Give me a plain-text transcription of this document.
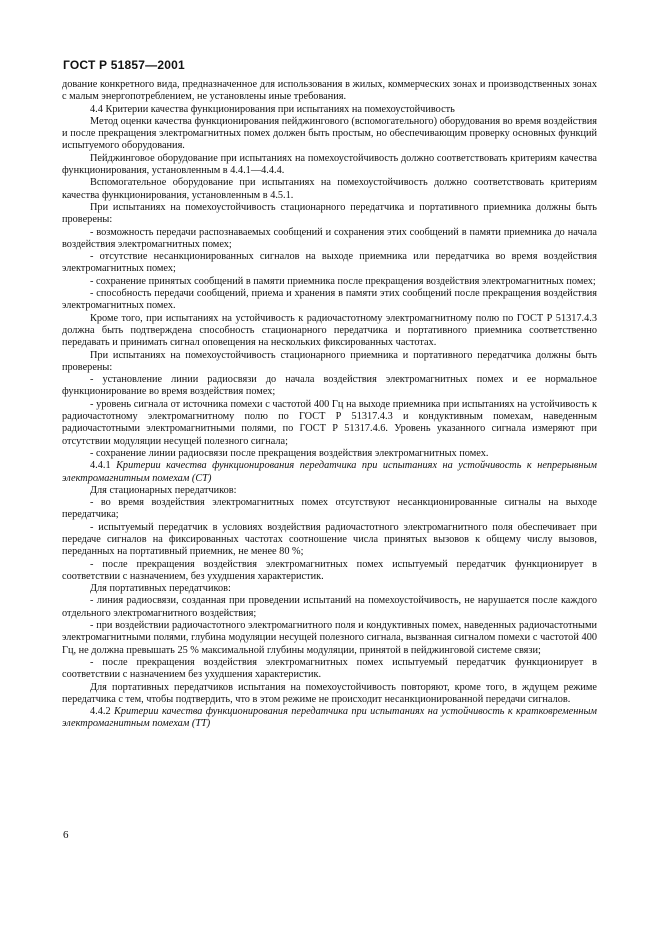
ГОСТ Р 51857—2001

дование конкретного вида, предназначенное для использования в жилых, коммерческих зонах и производственных зонах с малым энергопотреблением, не установлены иные требования.

4.4 Критерии качества функционирования при испытаниях на помехоустойчивость

Метод оценки качества функционирования пейджингового (вспомогательного) оборудования во время воздействия и после прекращения электромагнитных помех должен быть простым, но обеспечивающим проверку основных функций испытуемого оборудования.

Пейджинговое оборудование при испытаниях на помехоустойчивость должно соответствовать критериям качества функционирования, установленным в 4.4.1—4.4.4.

Вспомогательное оборудование при испытаниях на помехоустойчивость должно соответствовать критериям качества функционирования, установленным в 4.5.1.

При испытаниях на помехоустойчивость стационарного передатчика и портативного приемника должны быть проверены:

- возможность передачи распознаваемых сообщений и сохранения этих сообщений в памяти приемника до начала воздействия электромагнитных помех;

- отсутствие несанкционированных сигналов на выходе приемника или передатчика во время воздействия электромагнитных помех;

- сохранение принятых сообщений в памяти приемника после прекращения воздействия электромагнитных помех;

- способность передачи сообщений, приема и хранения в памяти этих сообщений после прекращения воздействия электромагнитных помех.

Кроме того, при испытаниях на устойчивость к радиочастотному электромагнитному полю по ГОСТ Р 51317.4.3 должна быть подтверждена способность стационарного передатчика и портативного приемника соответственно передавать и принимать сигнал оповещения на нескольких фиксированных частотах.

При испытаниях на помехоустойчивость стационарного приемника и портативного передатчика должны быть проверены:

- установление линии радиосвязи до начала воздействия электромагнитных помех и ее нормальное функционирование во время воздействия помех;

- уровень сигнала от источника помехи с частотой 400 Гц на выходе приемника при испытаниях на устойчивость к радиочастотному электромагнитному полю по ГОСТ Р 51317.4.3 и кондуктивным помехам, наведенным радиочастотными электромагнитными полями, по ГОСТ Р 51317.4.6. Уровень указанного сигнала измеряют при отсутствии модуляции несущей полезного сигнала;

- сохранение линии радиосвязи после прекращения воздействия электромагнитных помех.

4.4.1 Критерии качества функционирования передатчика при испытаниях на устойчивость к непрерывным электромагнитным помехам (СТ)

Для стационарных передатчиков:

- во время воздействия электромагнитных помех отсутствуют несанкционированные сигналы на выходе передатчика;

- испытуемый передатчик в условиях воздействия радиочастотного электромагнитного поля обеспечивает при передаче сигналов на фиксированных частотах соотношение числа принятых вызовов к общему числу вызовов, переданных на портативный приемник, не менее 80 %;

- после прекращения воздействия электромагнитных помех испытуемый передатчик функционирует в соответствии с назначением, без ухудшения характеристик.

Для портативных передатчиков:

- линия радиосвязи, созданная при проведении испытаний на помехоустойчивость, не нарушается после каждого отдельного электромагнитного воздействия;

- при воздействии радиочастотного электромагнитного поля и кондуктивных помех, наведенных радиочастотными электромагнитными полями, глубина модуляции несущей полезного сигнала, вызванная сигналом помехи с частотой 400 Гц, не должна превышать 25 % максимальной глубины модуляции, принятой в пейджинговой системе связи;

- после прекращения воздействия электромагнитных помех испытуемый передатчик функционирует в соответствии с назначением без ухудшения характеристик.

Для портативных передатчиков испытания на помехоустойчивость повторяют, кроме того, в ждущем режиме передатчика с тем, чтобы подтвердить, что в этом режиме не происходит несанкционированной передачи сигналов.

4.4.2 Критерии качества функционирования передатчика при испытаниях на устойчивость к кратковременным электромагнитным помехам (ТТ)

6
